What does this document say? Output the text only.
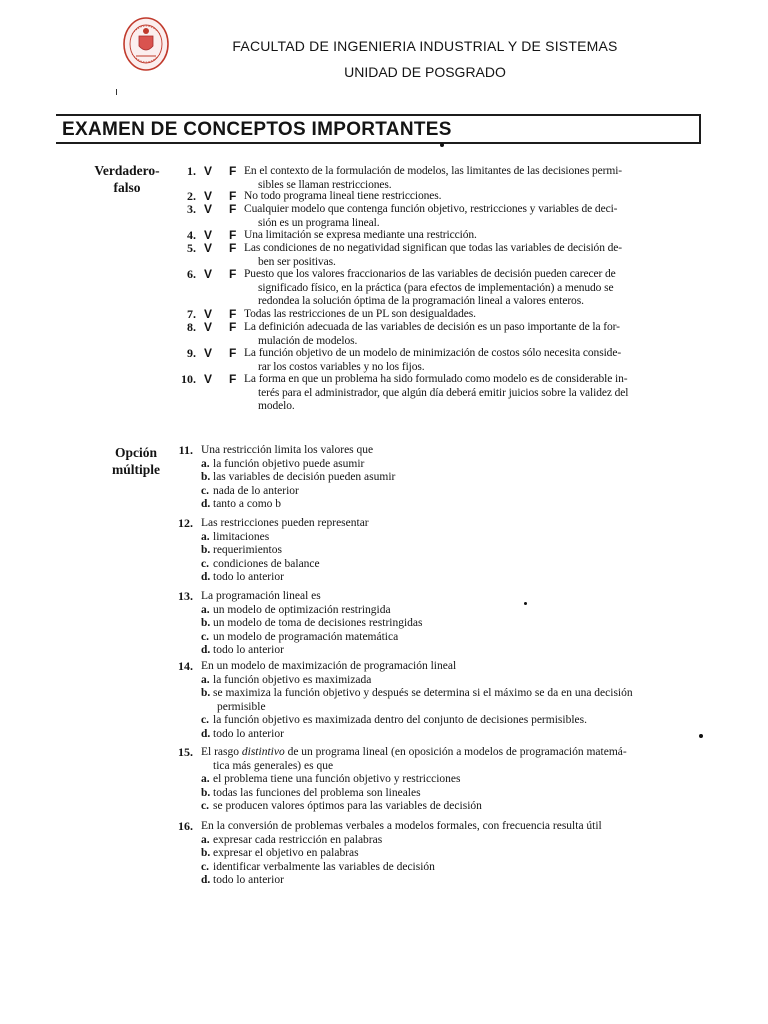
FACULTAD DE INGENIERIA INDUSTRIAL Y DE SISTEMAS
UNIDAD DE POSGRADO
EXAMEN DE CONCEPTOS IMPORTANTES
Verdadero-
falso
Opción
múltiple
1. V F En el contexto de la formulación de modelos, las limitantes de las decisiones permi-
sibles se llaman restricciones.
2. V F No todo programa lineal tiene restricciones.
3. V F Cualquier modelo que contenga función objetivo, restricciones y variables de deci-
sión es un programa lineal.
4. V F Una limitación se expresa mediante una restricción.
5. V F Las condiciones de no negatividad significan que todas las variables de decisión de-
ben ser positivas.
6. V F Puesto que los valores fraccionarios de las variables de decisión pueden carecer de
significado físico, en la práctica (para efectos de implementación) a menudo se
redondea la solución óptima de la programación lineal a valores enteros.
7. V F Todas las restricciones de un PL son desigualdades.
8. V F La definición adecuada de las variables de decisión es un paso importante de la for-
mulación de modelos.
9. V F La función objetivo de un modelo de minimización de costos sólo necesita conside-
rar los costos variables y no los fijos.
10. V F La forma en que un problema ha sido formulado como modelo es de considerable in-
terés para el administrador, que algún día deberá emitir juicios sobre la validez del
modelo.
11. Una restricción limita los valores que
a. la función objetivo puede asumir
b. las variables de decisión pueden asumir
c. nada de lo anterior
d. tanto a como b
12. Las restricciones pueden representar
a. limitaciones
b. requerimientos
c. condiciones de balance
d. todo lo anterior
13. La programación lineal es
a. un modelo de optimización restringida
b. un modelo de toma de decisiones restringidas
c. un modelo de programación matemática
d. todo lo anterior
14. En un modelo de maximización de programación lineal
a. la función objetivo es maximizada
b. se maximiza la función objetivo y después se determina si el máximo se da en una decisión
permisible
c. la función objetivo es maximizada dentro del conjunto de decisiones permisibles.
d. todo lo anterior
15. El rasgo distintivo de un programa lineal (en oposición a modelos de programación matemá-
tica más generales) es que
a. el problema tiene una función objetivo y restricciones
b. todas las funciones del problema son lineales
c. se producen valores óptimos para las variables de decisión
16. En la conversión de problemas verbales a modelos formales, con frecuencia resulta útil
a. expresar cada restricción en palabras
b. expresar el objetivo en palabras
c. identificar verbalmente las variables de decisión
d. todo lo anterior
